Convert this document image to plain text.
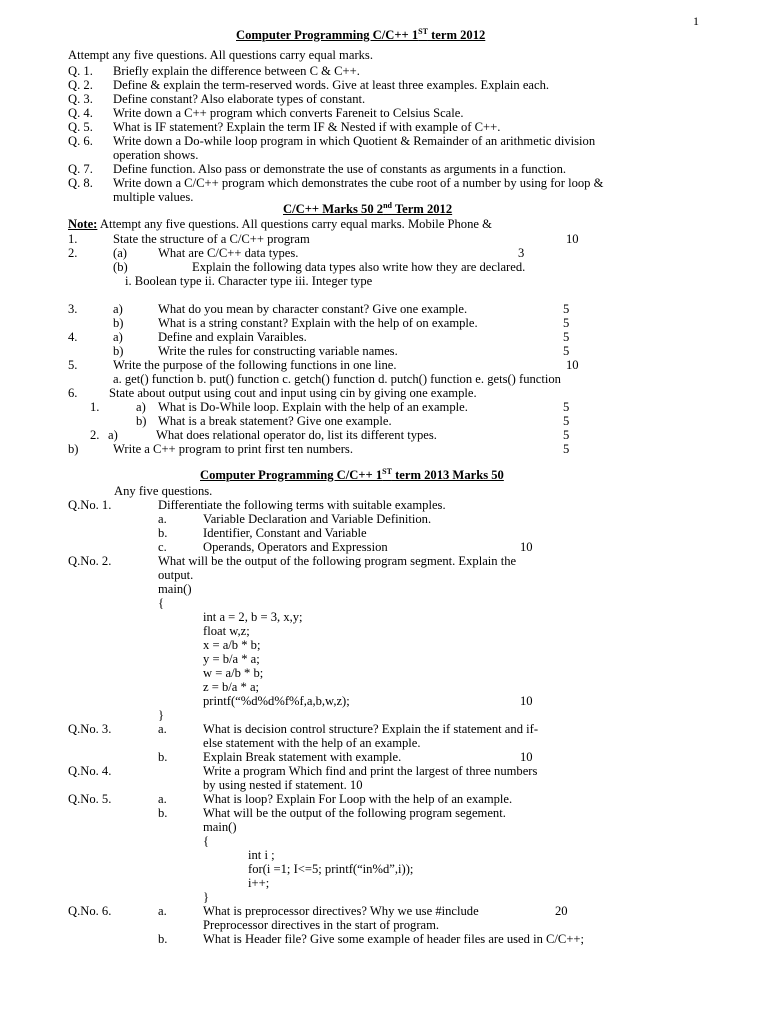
1
Computer Programming C/C++ 1ST term 2012
Attempt any five questions. All questions carry equal marks.
Q. 1. Briefly explain the difference between C & C++.
Q. 2. Define & explain the term-reserved words. Give at least three examples. Explain each.
Q. 3. Define constant? Also elaborate types of constant.
Q. 4. Write down a C++ program which converts Fareneit to Celsius Scale.
Q. 5. What is IF statement? Explain the term IF & Nested if with example of C++.
Q. 6. Write down a Do-while loop program in which Quotient & Remainder of an arithmetic division
operation shows.
Q. 7. Define function. Also pass or demonstrate the use of constants as arguments in a function.
Q. 8. Write down a C/C++ program which demonstrates the cube root of a number by using for loop &
multiple values.
C/C++ Marks 50 2nd Term 2012
Note: Attempt any five questions. All questions carry equal marks. Mobile Phone &
1.	State the structure of a C/C++ program	10
2.	(a) What are C/C++ data types.	3
(b)	Explain the following data types also write how they are declared.
i. Boolean type ii. Character type iii. Integer type
3.	a)	What do you mean by character constant? Give one example.	5
b)	What is a string constant? Explain with the help of on example.	5
4.	a)	Define and explain Varaibles.	5
b)	Write the rules for constructing variable names.	5
5.	Write the purpose of the following functions in one line.	10
a. get() function b. put() function c. getch() function d. putch() function e. gets() function
6.	State about output using cout and input using cin by giving one example.
1.	a) What is Do-While loop. Explain with the help of an example.	5
b) What is a break statement? Give one example.	5
2. a)	What does relational operator do, list its different types.	5
b)	Write a C++ program to print first ten numbers.	5
Computer Programming C/C++ 1ST term 2013 Marks 50
Any five questions.
Q.No. 1.	Differentiate the following terms with suitable examples.
a.	Variable Declaration and Variable Definition.
b.	Identifier, Constant and Variable
c.	Operands, Operators and Expression	10
Q.No. 2.	What will be the output of the following program segment. Explain the
output.
main()
{
int a = 2, b = 3, x,y;
float w,z;
x = a/b * b;
y = b/a * a;
w = a/b * b;
z = b/a * a;
printf(“%d%d%f%f,a,b,w,z);	10
}
Q.No. 3.	a.	What is decision control structure? Explain the if statement and if-
else statement with the help of an example.
b.	Explain Break statement with example.	10
Q.No. 4.	Write a program Which find and print the largest of three numbers
by using nested if statement. 10
Q.No. 5.	a.	What is loop? Explain For Loop with the help of an example.
b.	What will be the output of the following program segement.
main()
{
int i ;
for(i =1; I<=5; printf(“in%d”,i));
i++;
}
Q.No. 6.	a.	What is preprocessor directives? Why we use #include	20
Preprocessor directives in the start of program.
b.	What is Header file? Give some example of header files are used in C/C++;
